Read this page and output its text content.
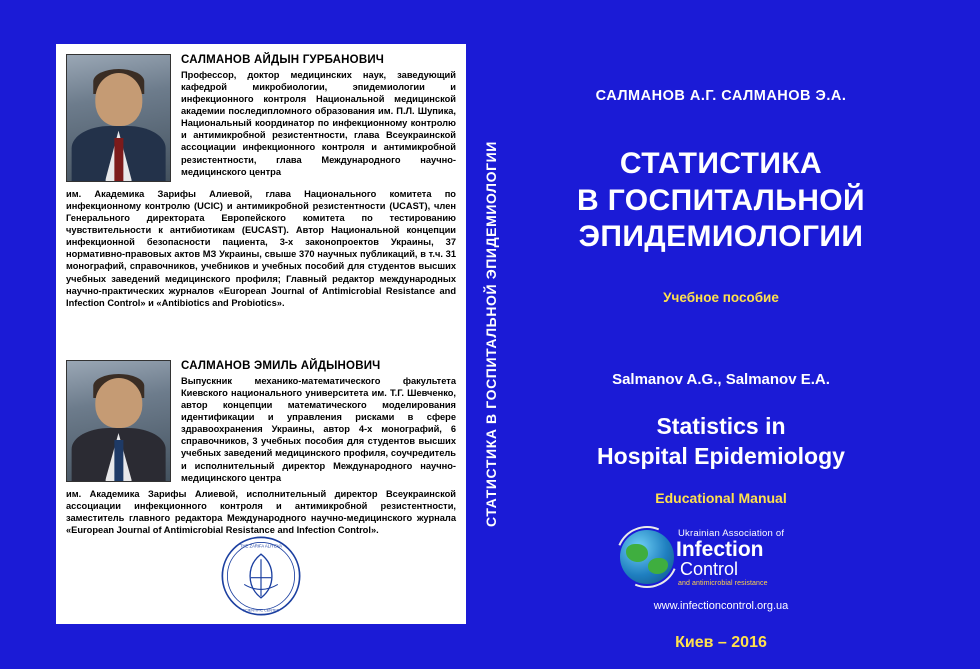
САЛМАНОВ АЙДЫН ГУРБАНОВИЧ
Профессор, доктор медицинских наук, заведующий кафедрой микробиологии, эпидемиологии и инфекционного контроля Национальной медицинской академии последипломного образования им. П.Л. Шупика, Национальный координатор по инфекционному контролю и антимикробной резистентности, глава Всеукраинской ассоциации инфекционного контроля и антимикробной резистентности, глава Международного научно-медицинского центра
им. Академика Зарифы Алиевой, глава Национального комитета по инфекционному контролю (UCIC) и антимикробной резистентности (UCAST), член Генерального директората Европейского комитета по тестированию чувствительности к антибиотикам (EUCAST). Автор Национальной концепции инфекционной безопасности пациента, 3-х законопроектов Украины, 37 нормативно-правовых актов МЗ Украины, свыше 370 научных публикаций, в т.ч. 31 монографий, справочников, учебников и учебных пособий для студентов высших учебных заведений медицинского профиля; Главный редактор международных научно-практических журналов «European Journal of Antimicrobial Resistance and Infection Control» и «Antibiotics and Probiotics».
САЛМАНОВ ЭМИЛЬ АЙДЫНОВИЧ
Выпускник механико-математического факультета Киевского национального университета им. Т.Г. Шевченко, автор концепции математического моделирования идентификации и управления рисками в сфере здравоохранения Украины, автор 4-х монографий, 6 справочников, 3 учебных пособия для студентов высших учебных заведений медицинского профиля, соучредитель и исполнительный директор Международного научно-медицинского центра
им. Академика Зарифы Алиевой, исполнительный директор Всеукраинской ассоциации инфекционного контроля и антимикробной резистентности, заместитель главного редактора Международного научно-медицинского журнала «European Journal of Antimicrobial Resistance and Infection Control».
THE ZARIFA ALIYEVA
SCIENTIFIC CENTER
СТАТИСТИКА В ГОСПИТАЛЬНОЙ ЭПИДЕМИОЛОГИИ
САЛМАНОВ А.Г. САЛМАНОВ Э.А.
СТАТИСТИКА
В ГОСПИТАЛЬНОЙ
ЭПИДЕМИОЛОГИИ
Учебное пособие
Salmanov A.G., Salmanov E.A.
Statistics in
Hospital Epidemiology
Educational Manual
Ukrainian Association of
Infection
Control
and antimicrobial resistance
www.infectioncontrol.org.ua
Киев – 2016
